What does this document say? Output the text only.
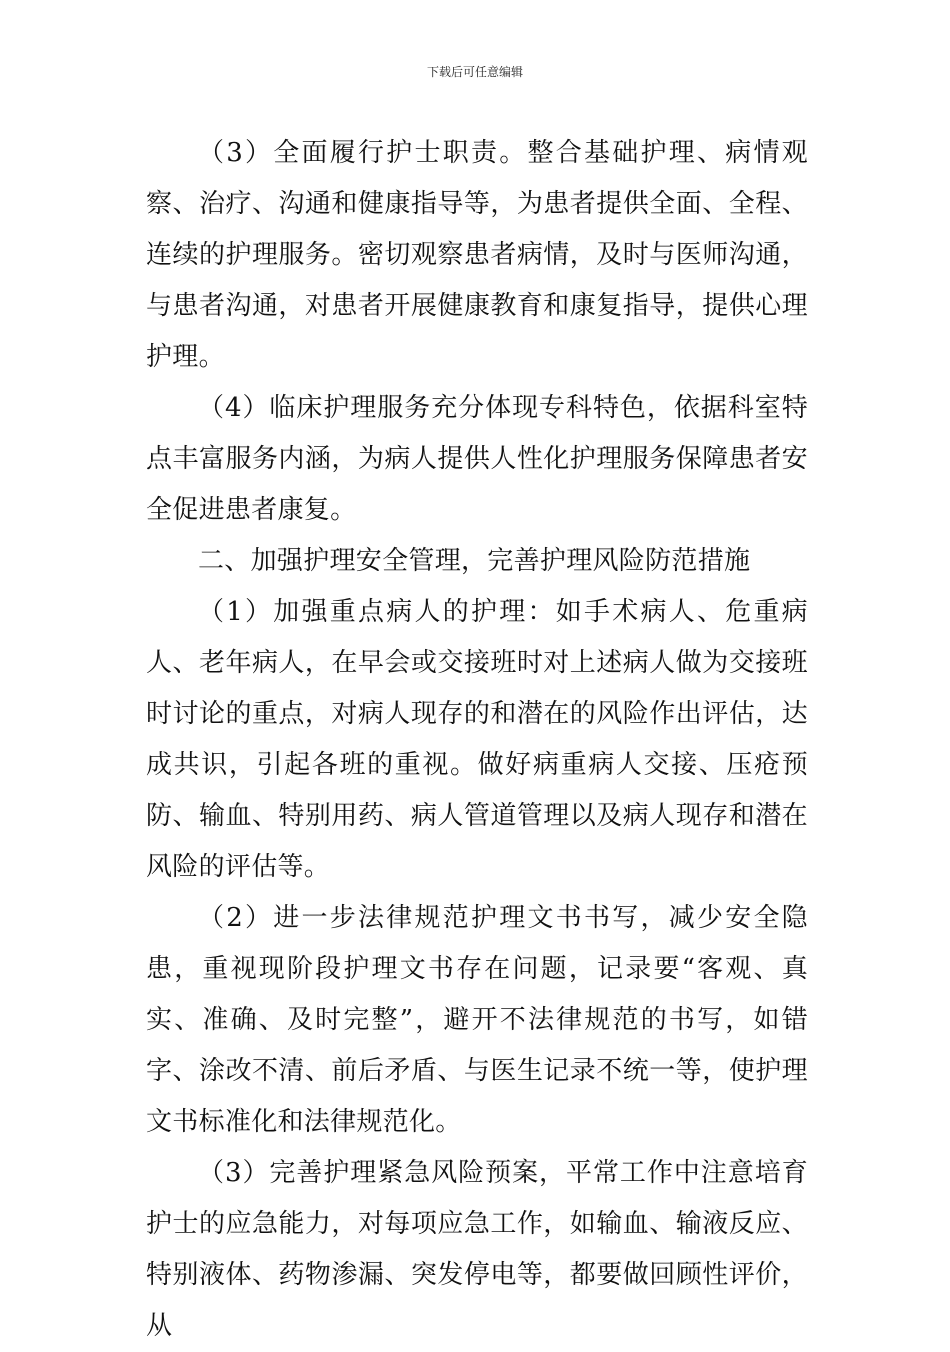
下载后可任意编辑

（3）全面履行护士职责。整合基础护理、病情观察、治疗、沟通和健康指导等，为患者提供全面、全程、连续的护理服务。密切观察患者病情，及时与医师沟通，与患者沟通，对患者开展健康教育和康复指导，提供心理护理。

（4）临床护理服务充分体现专科特色，依据科室特点丰富服务内涵，为病人提供人性化护理服务保障患者安全促进患者康复。

二、加强护理安全管理，完善护理风险防范措施

（1）加强重点病人的护理：如手术病人、危重病人、老年病人，在早会或交接班时对上述病人做为交接班时讨论的重点，对病人现存的和潜在的风险作出评估，达成共识，引起各班的重视。做好病重病人交接、压疮预防、输血、特别用药、病人管道管理以及病人现存和潜在风险的评估等。

（2）进一步法律规范护理文书书写，减少安全隐患，重视现阶段护理文书存在问题，记录要“客观、真实、准确、及时完整”，避开不法律规范的书写，如错字、涂改不清、前后矛盾、与医生记录不统一等，使护理文书标准化和法律规范化。

（3）完善护理紧急风险预案，平常工作中注意培育护士的应急能力，对每项应急工作，如输血、输液反应、特别液体、药物渗漏、突发停电等，都要做回顾性评价，从
